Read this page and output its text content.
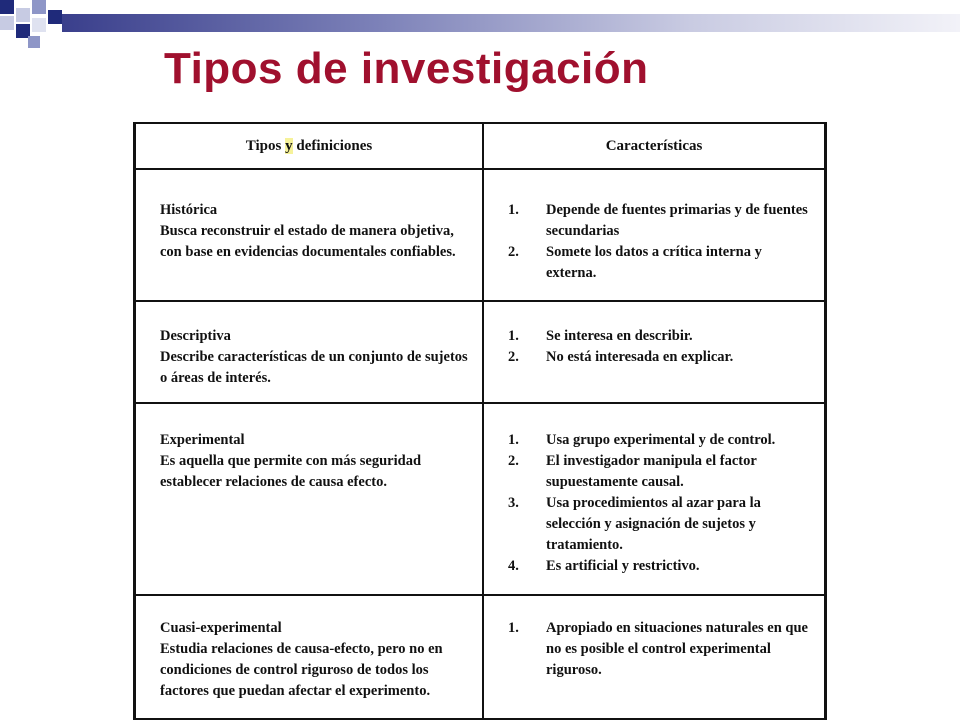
Tipos de investigación
Tipos y definiciones	Características
Histórica
Busca reconstruir el estado de manera objetiva, con base en evidencias documentales confiables.
1. Depende de fuentes primarias y de fuentes secundarias
2. Somete los datos a crítica interna y externa.
Descriptiva
Describe características de un conjunto de sujetos o áreas de interés.
1. Se interesa en describir.
2. No está interesada en explicar.
Experimental
Es aquella que permite con más seguridad establecer relaciones de causa efecto.
1. Usa grupo experimental y de control.
2. El investigador manipula el factor supuestamente causal.
3. Usa procedimientos al azar para la selección y asignación de sujetos y tratamiento.
4. Es artificial y restrictivo.
Cuasi-experimental
Estudia relaciones de causa-efecto, pero no en condiciones de control riguroso de todos los factores que puedan afectar el experimento.
1. Apropiado en situaciones naturales en que no es posible el control experimental riguroso.
